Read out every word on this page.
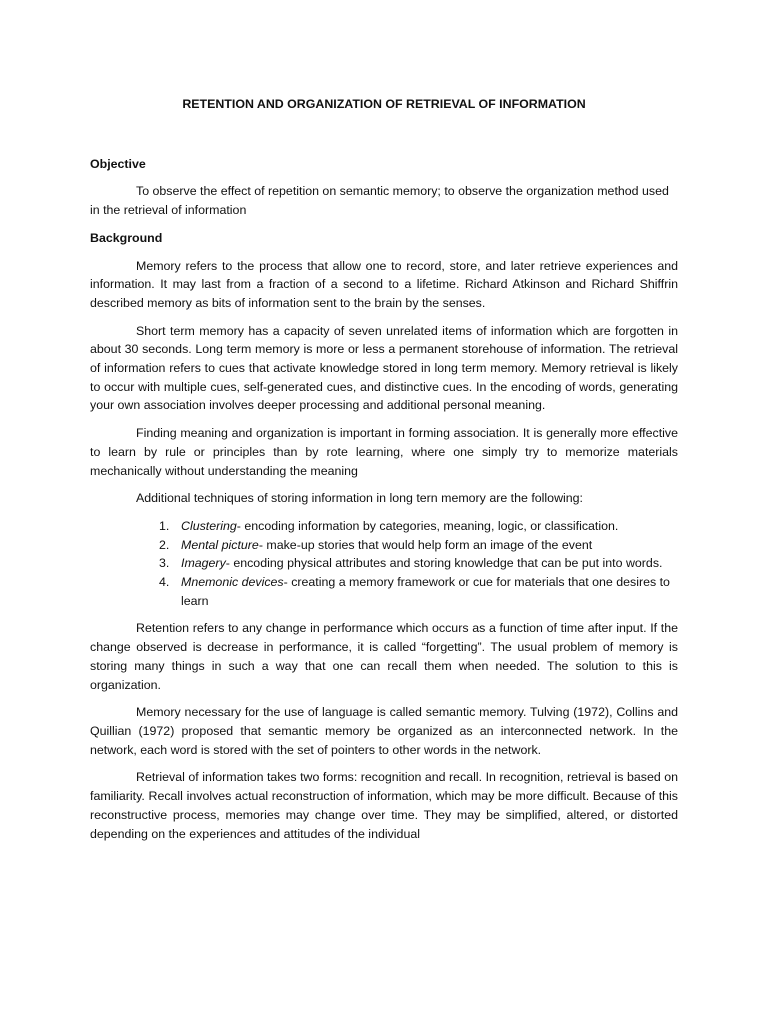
RETENTION AND ORGANIZATION OF RETRIEVAL OF INFORMATION
Objective

To observe the effect of repetition on semantic memory; to observe the organization method used in the retrieval of information

Background

Memory refers to the process that allow one to record, store, and later retrieve experiences and information. It may last from a fraction of a second to a lifetime. Richard Atkinson and Richard Shiffrin described memory as bits of information sent to the brain by the senses.

Short term memory has a capacity of seven unrelated items of information which are forgotten in about 30 seconds. Long term memory is more or less a permanent storehouse of information. The retrieval of information refers to cues that activate knowledge stored in long term memory. Memory retrieval is likely to occur with multiple cues, self-generated cues, and distinctive cues. In the encoding of words, generating your own association involves deeper processing and additional personal meaning.

Finding meaning and organization is important in forming association. It is generally more effective to learn by rule or principles than by rote learning, where one simply try to memorize materials mechanically without understanding the meaning

Additional techniques of storing information in long tern memory are the following:

1. Clustering- encoding information by categories, meaning, logic, or classification.
2. Mental picture- make-up stories that would help form an image of the event
3. Imagery- encoding physical attributes and storing knowledge that can be put into words.
4. Mnemonic devices- creating a memory framework or cue for materials that one desires to learn

Retention refers to any change in performance which occurs as a function of time after input. If the change observed is decrease in performance, it is called “forgetting”. The usual problem of memory is storing many things in such a way that one can recall them when needed. The solution to this is organization.

Memory necessary for the use of language is called semantic memory. Tulving (1972), Collins and Quillian (1972) proposed that semantic memory be organized as an interconnected network. In the network, each word is stored with the set of pointers to other words in the network.

Retrieval of information takes two forms: recognition and recall. In recognition, retrieval is based on familiarity. Recall involves actual reconstruction of information, which may be more difficult. Because of this reconstructive process, memories may change over time. They may be simplified, altered, or distorted depending on the experiences and attitudes of the individual
